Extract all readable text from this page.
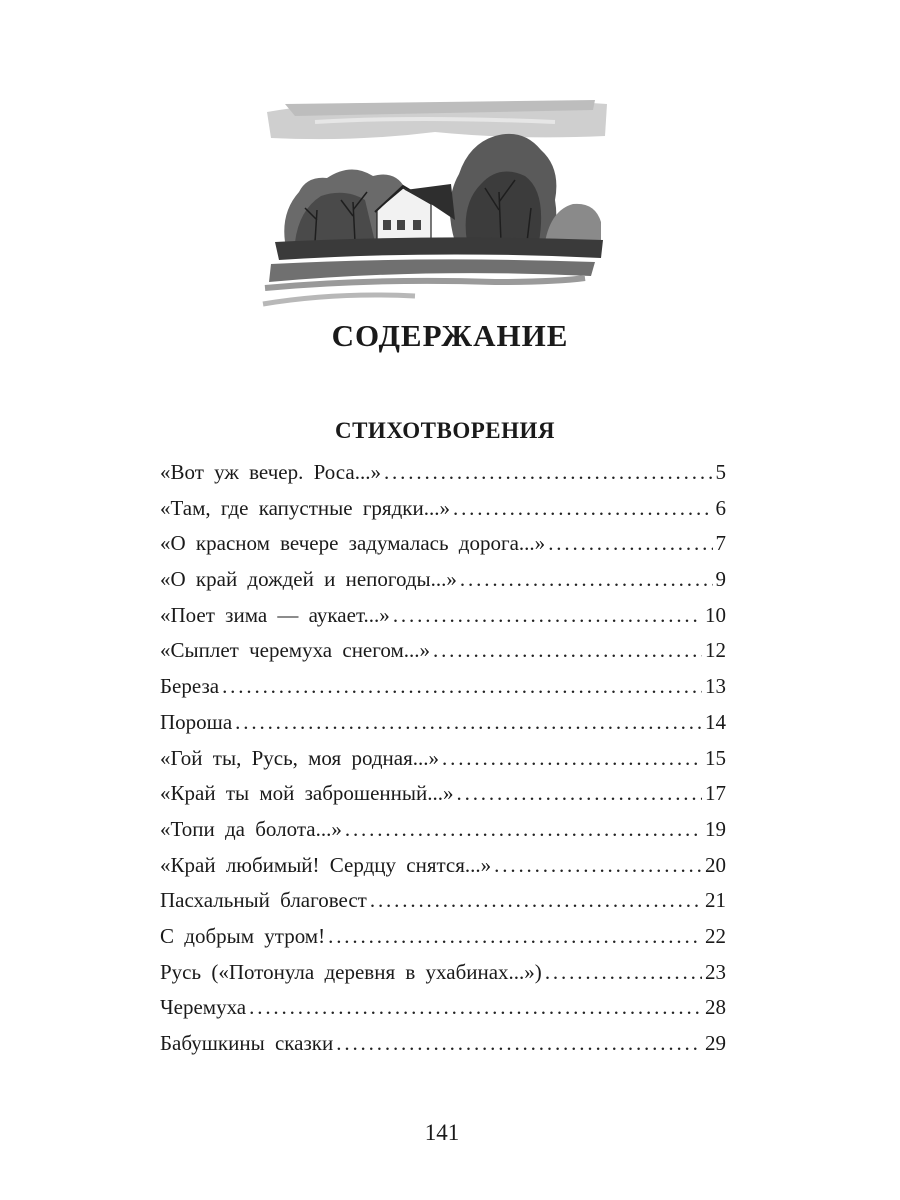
СОДЕРЖАНИЕ
СТИХОТВОРЕНИЯ
«Вот уж вечер. Роса...» . . .	5
«Там, где капустные грядки...» . . .	6
«О красном вечере задумалась дорога...» . . .	7
«О край дождей и непогоды...» . . .	9
«Поет зима — аукает...» . . .	10
«Сыплет черемуха снегом...» . . .	12
Береза . . .	13
Пороша . . .	14
«Гой ты, Русь, моя родная...» . . .	15
«Край ты мой заброшенный...» . . .	17
«Топи да болота...» . . .	19
«Край любимый! Сердцу снятся...» . . .	20
Пасхальный благовест . . .	21
С добрым утром! . . .	22
Русь («Потонула деревня в ухабинах...») . . .	23
Черемуха . . .	28
Бабушкины сказки . . .	29
141
